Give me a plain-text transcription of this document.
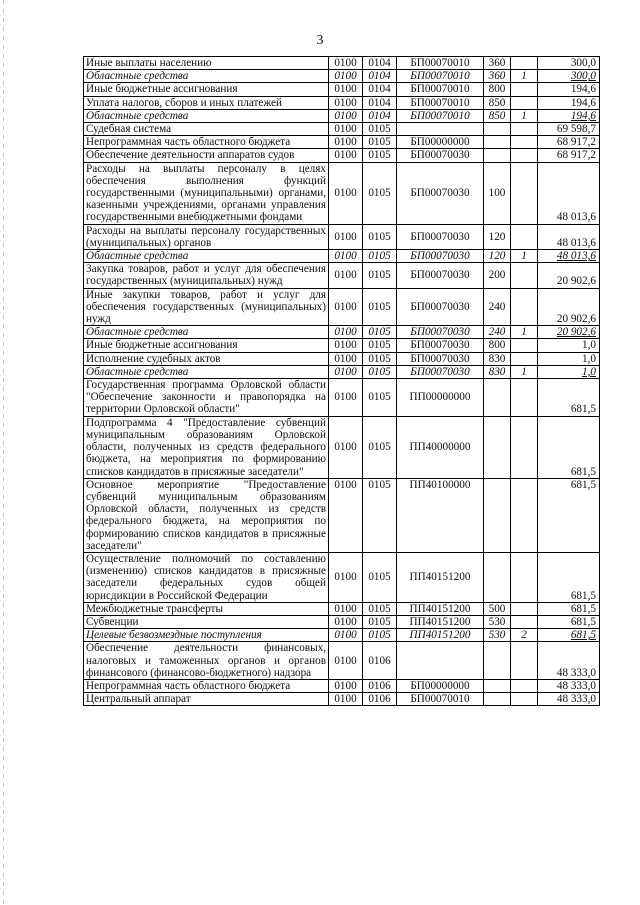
3
Иные выплаты населению	0100	0104	БП00070010	360		300,0
Областные средства	0100	0104	БП00070010	360	1	300,0
Иные бюджетные ассигнования	0100	0104	БП00070010	800		194,6
Уплата налогов, сборов и иных платежей	0100	0104	БП00070010	850		194,6
Областные средства	0100	0104	БП00070010	850	1	194,6
Судебная система	0100	0105				69 598,7
Непрограммная часть областного бюджета	0100	0105	БП00000000			68 917,2
Обеспечение деятельности аппаратов судов	0100	0105	БП00070030			68 917,2
Расходы на выплаты персоналу в целях обеспечения выполнения функций государственными (муниципальными) органами, казенными учреждениями, органами управления государственными внебюджетными фондами	0100	0105	БП00070030	100		48 013,6
Расходы на выплаты персоналу государственных (муниципальных) органов	0100	0105	БП00070030	120		48 013,6
Областные средства	0100	0105	БП00070030	120	1	48 013,6
Закупка товаров, работ и услуг для обеспечения государственных (муниципальных) нужд	0100	0105	БП00070030	200		20 902,6
Иные закупки товаров, работ и услуг для обеспечения государственных (муниципальных) нужд	0100	0105	БП00070030	240		20 902,6
Областные средства	0100	0105	БП00070030	240	1	20 902,6
Иные бюджетные ассигнования	0100	0105	БП00070030	800		1,0
Исполнение судебных актов	0100	0105	БП00070030	830		1,0
Областные средства	0100	0105	БП00070030	830	1	1,0
Государственная программа Орловской области "Обеспечение законности и правопорядка на территории Орловской области"	0100	0105	ПП00000000			681,5
Подпрограмма 4 "Предоставление субвенций муниципальным образованиям Орловской области, полученных из средств федерального бюджета, на мероприятия по формированию списков кандидатов в присяжные заседатели"	0100	0105	ПП40000000			681,5
Основное мероприятие "Предоставление субвенций муниципальным образованиям Орловской области, полученных из средств федерального бюджета, на мероприятия по формированию списков кандидатов в присяжные заседатели"	0100	0105	ПП40100000			681,5
Осуществление полномочий по составлению (изменению) списков кандидатов в присяжные заседатели федеральных судов общей юрисдикции в Российской Федерации	0100	0105	ПП40151200			681,5
Межбюджетные трансферты	0100	0105	ПП40151200	500		681,5
Субвенции	0100	0105	ПП40151200	530		681,5
Целевые безвозмездные поступления	0100	0105	ПП40151200	530	2	681,5
Обеспечение деятельности финансовых, налоговых и таможенных органов и органов финансового (финансово-бюджетного) надзора	0100	0106				48 333,0
Непрограммная часть областного бюджета	0100	0106	БП00000000			48 333,0
Центральный аппарат	0100	0106	БП00070010			48 333,0
